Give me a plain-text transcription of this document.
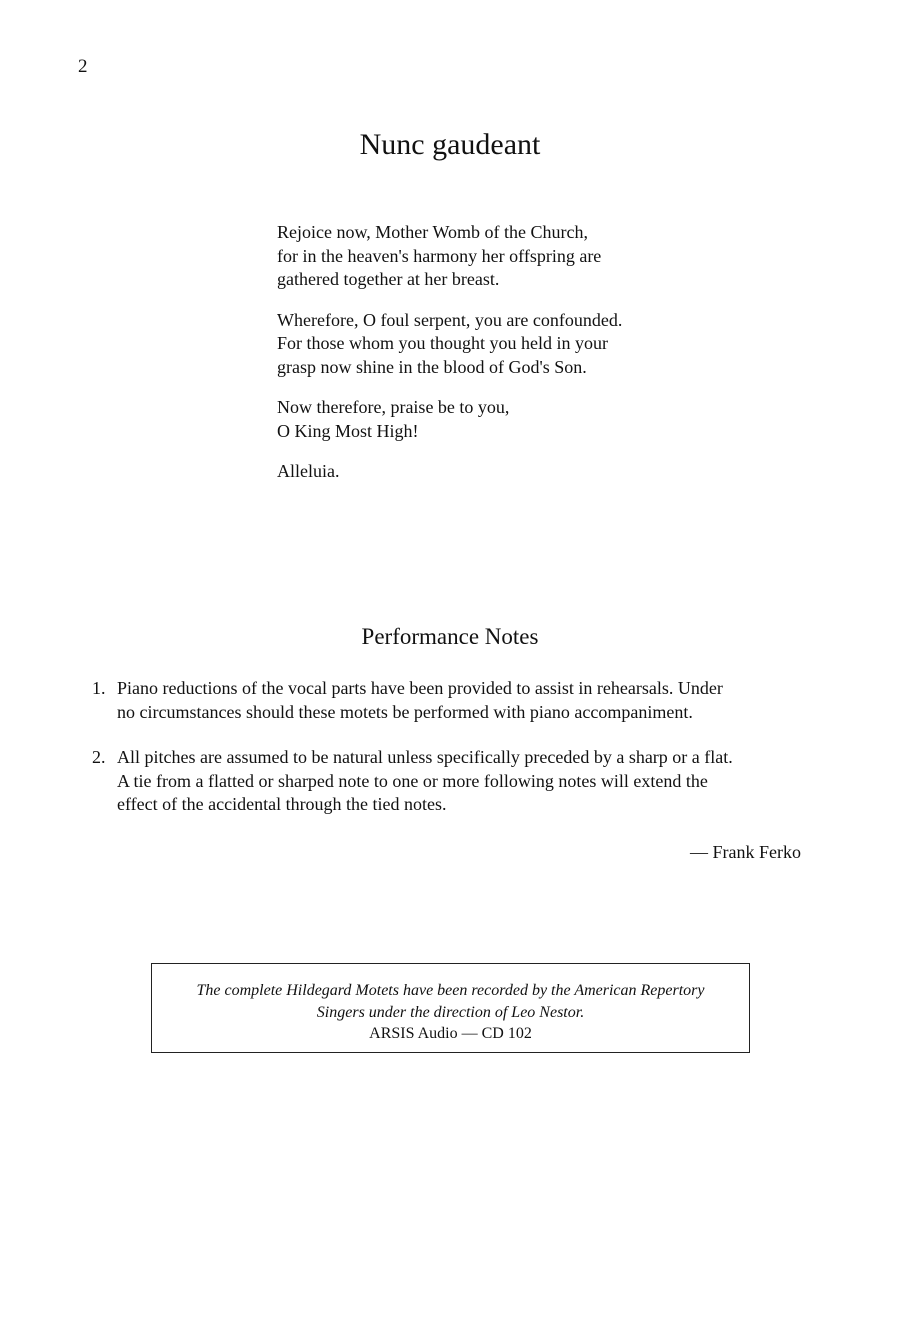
2
Nunc gaudeant
Rejoice now, Mother Womb of the Church,
for in the heaven's harmony her offspring are
gathered together at her breast.
Wherefore, O foul serpent, you are confounded.
For those whom you thought you held in your
grasp now shine in the blood of God's Son.
Now therefore, praise be to you,
O King Most High!
Alleluia.
Performance Notes
1. Piano reductions of the vocal parts have been provided to assist in rehearsals. Under
no circumstances should these motets be performed with piano accompaniment.
2. All pitches are assumed to be natural unless specifically preceded by a sharp or a flat.
A tie from a flatted or sharped note to one or more following notes will extend the
effect of the accidental through the tied notes.
— Frank Ferko
The complete Hildegard Motets have been recorded by the American Repertory
Singers under the direction of Leo Nestor.
ARSIS Audio — CD 102
